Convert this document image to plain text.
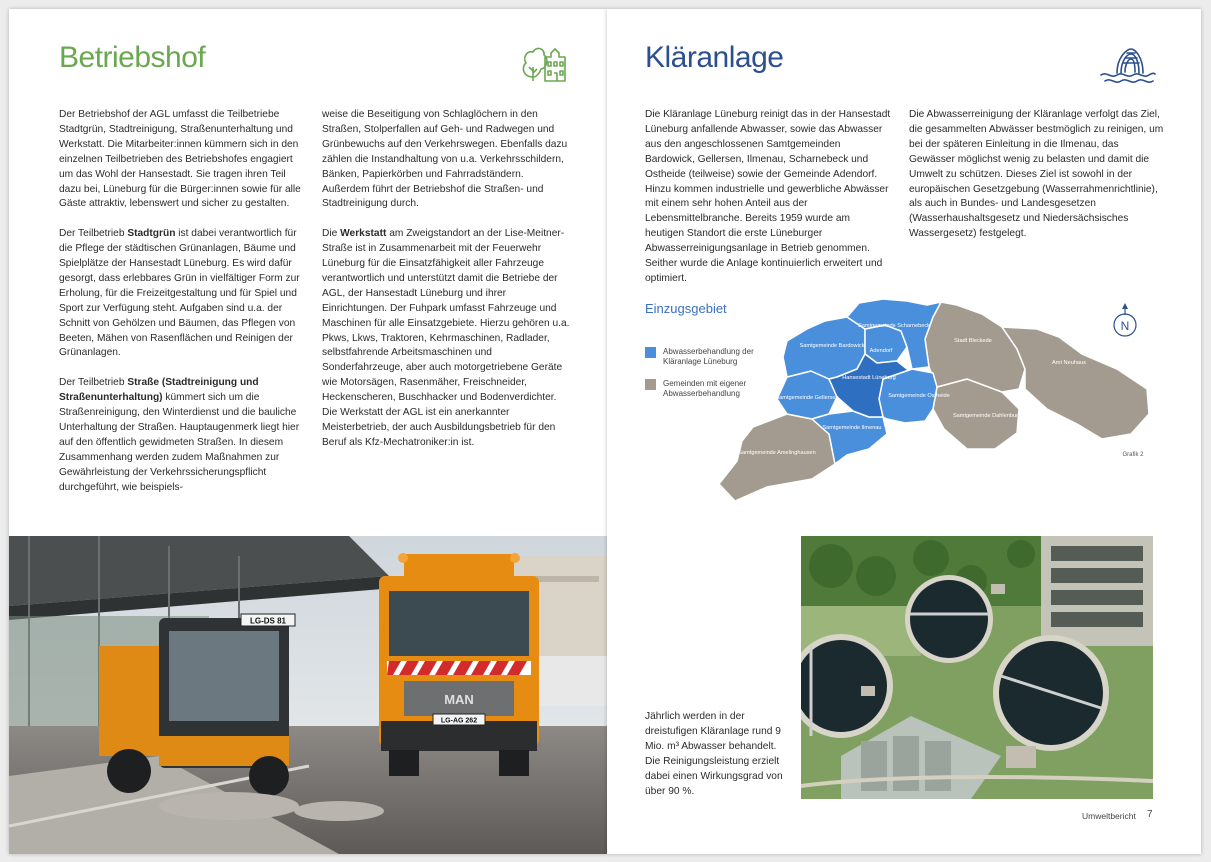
Betriebshof

Der Betriebshof der AGL umfasst die Teilbetriebe Stadtgrün, Stadtreinigung, Straßenunterhaltung und Werkstatt. Die Mitarbeiter:innen kümmern sich in den einzelnen Teilbetrieben des Betriebshofes engagiert um das Wohl der Hansestadt. Sie tragen ihren Teil dazu bei, Lüneburg für die Bürger:innen sowie für alle Gäste attraktiv, lebenswert und sicher zu gestalten.

Der Teilbetrieb Stadtgrün ist dabei verantwortlich für die Pflege der städtischen Grünanlagen, Bäume und Spielplätze der Hansestadt Lüneburg. Es wird dafür gesorgt, dass erlebbares Grün in vielfältiger Form zur Erholung, für die Freizeitgestaltung und für Spiel und Sport zur Verfügung steht. Aufgaben sind u.a. der Schnitt von Gehölzen und Bäumen, das Pflegen von Beeten, Mähen von Rasenflächen und Reinigen der Grünanlagen.

Der Teilbetrieb Straße (Stadtreinigung und Straßenunterhaltung) kümmert sich um die Straßenreinigung, den Winterdienst und die bauliche Unterhaltung der Straßen. Hauptaugenmerk liegt hier auf den öffentlich gewidmeten Straßen. In diesem Zusammenhang werden zudem Maßnahmen zur Gewährleistung der Verkehrssicherungspflicht durchgeführt, wie beispiels-

weise die Beseitigung von Schlaglöchern in den Straßen, Stolperfallen auf Geh- und Radwegen und Grünbewuchs auf den Verkehrswegen. Ebenfalls dazu zählen die Instandhaltung von u.a. Verkehrsschildern, Bänken, Papierkörben und Fahrradständern. Außerdem führt der Betriebshof die Straßen- und Stadtreinigung durch.

Die Werkstatt am Zweigstandort an der Lise-Meitner-Straße ist in Zusammenarbeit mit der Feuerwehr Lüneburg für die Einsatzfähigkeit aller Fahrzeuge verantwortlich und unterstützt damit die Betriebe der AGL, der Hansestadt Lüneburg und ihrer Einrichtungen. Der Fuhpark umfasst Fahrzeuge und Maschinen für alle Einsatzgebiete. Hierzu gehören u.a. Pkws, Lkws, Traktoren, Kehrmaschinen, Radlader, selbstfahrende Arbeitsmaschinen und Sonderfahrzeuge, aber auch motorgetriebene Geräte wie Motorsägen, Rasenmäher, Freischneider, Heckenscheren, Buschhacker und Bodenverdichter. Die Werkstatt der AGL ist ein anerkannter Meisterbetrieb, der auch Ausbildungsbetrieb für den Beruf als Kfz-Mechatroniker:in ist.

LG-DS 81
MAN
LG-AG 262
Kläranlage
Die Kläranlage Lüneburg reinigt das in der Hansestadt Lüneburg anfallende Abwasser, sowie das Abwasser aus den angeschlossenen Samtgemeinden Bardowick, Gellersen, Ilmenau, Scharnebeck und Ostheide (teilweise) sowie der Gemeinde Adendorf. Hinzu kommen industrielle und gewerbliche Abwässer mit einem sehr hohen Anteil aus der Lebensmittelbranche. Bereits 1959 wurde am heutigen Standort die erste Lüneburger Abwasserreinigungsanlage in Betrieb genommen. Seither wurde die Anlage kontinuierlich erweitert und optimiert.
Die Abwasserreinigung der Kläranlage verfolgt das Ziel, die gesammelten Abwässer bestmöglich zu reinigen, um bei der späteren Einleitung in die Ilmenau, das Gewässer möglichst wenig zu belasten und damit die Umwelt zu schützen. Dieses Ziel ist sowohl in der europäischen Gesetzgebung (Wasserrahmenrichtlinie), als auch in Bundes- und Landesgesetzen (Wasserhaushaltsgesetz und Niedersächsisches Wassergesetz) festgelegt.
Einzugsgebiet
Abwasserbehandlung der
Kläranlage Lüneburg
Gemeinden mit eigener
Abwasserbehandlung
Samtgemeinde Scharnebeck
Samtgemeinde Bardowick
Adendorf
Hansestadt Lüneburg
Samtgemeinde Gellersen
Samtgemeinde Ilmenau
Samtgemeinde Ostheide
Stadt Bleckede
Amt Neuhaus
Samtgemeinde Dahlenburg
Samtgemeinde Amelinghausen	Grafik 2
N
Jährlich werden in der dreistufigen Kläranlage rund 9 Mio. m³ Abwasser behandelt. Die Reinigungsleistung erzielt dabei einen Wirkungsgrad von über 90 %.
Umweltbericht 7
